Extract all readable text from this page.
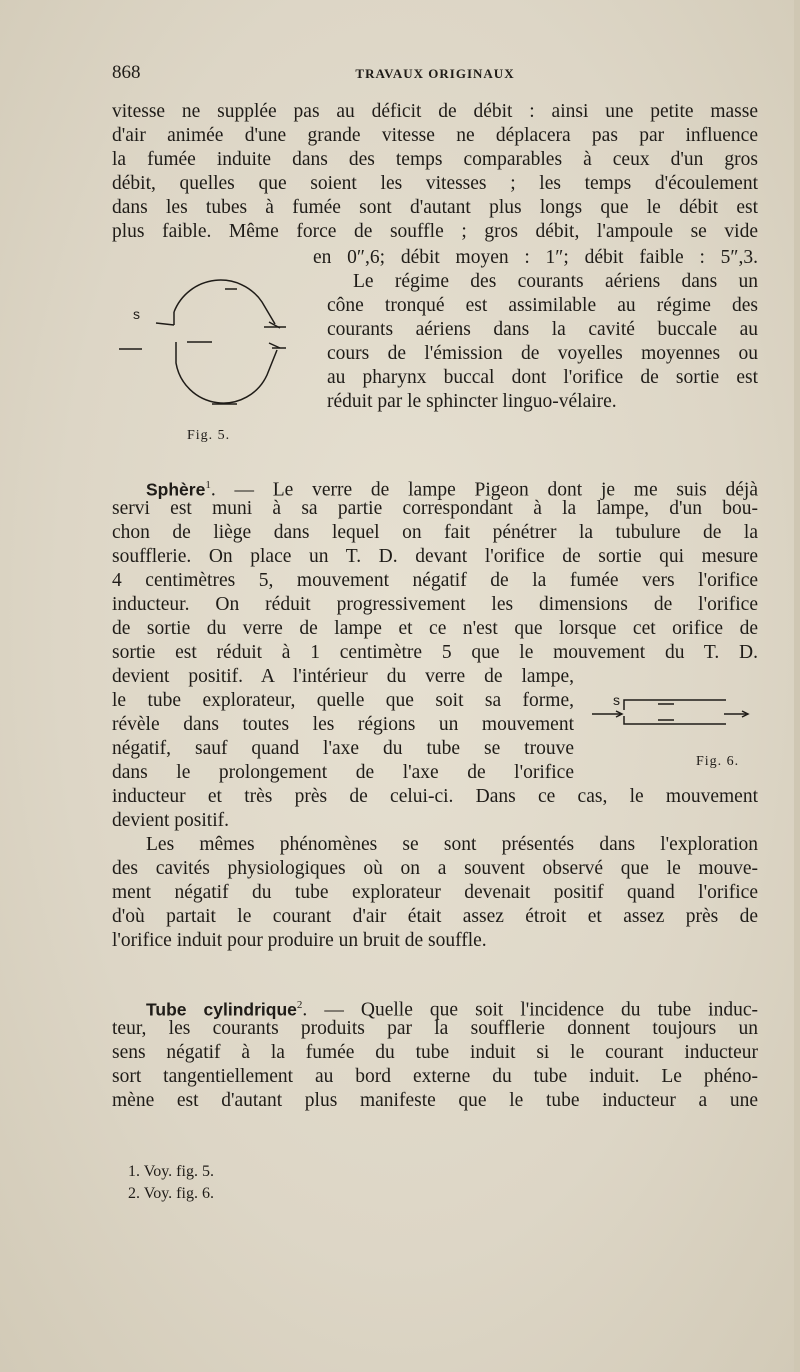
868	TRAVAUX ORIGINAUX
vitesse ne supplée pas au déficit de débit : ainsi une petite masse
d'air animée d'une grande vitesse ne déplacera pas par influence
la fumée induite dans des temps comparables à ceux d'un gros
débit, quelles que soient les vitesses ; les temps d'écoulement
dans les tubes à fumée sont d'autant plus longs que le débit est
plus faible. Même force de souffle ; gros débit, l'ampoule se vide
en 0″,6; débit moyen : 1″; débit faible : 5″,3.
Le régime des courants aériens dans un
cône tronqué est assimilable au régime des
courants aériens dans la cavité buccale au
cours de l'émission de voyelles moyennes ou
au pharynx buccal dont l'orifice de sortie est
réduit par le sphincter linguo-vélaire.
s
Fig. 5.
Sphère$^1$. — Le verre de lampe Pigeon dont je me suis déjà
servi est muni à sa partie correspondant à la lampe, d'un bou-
chon de liège dans lequel on fait pénétrer la tubulure de la
soufflerie. On place un T. D. devant l'orifice de sortie qui mesure
4 centimètres 5, mouvement négatif de la fumée vers l'orifice
inducteur. On réduit progressivement les dimensions de l'orifice
de sortie du verre de lampe et ce n'est que lorsque cet orifice de
sortie est réduit à 1 centimètre 5 que le mouvement du T. D.
devient positif. A l'intérieur du verre de lampe,
le tube explorateur, quelle que soit sa forme,
révèle dans toutes les régions un mouvement
négatif, sauf quand l'axe du tube se trouve
dans le prolongement de l'axe de l'orifice
s
Fig. 6.
inducteur et très près de celui-ci. Dans ce cas, le mouvement
devient positif.
Les mêmes phénomènes se sont présentés dans l'exploration
des cavités physiologiques où on a souvent observé que le mouve-
ment négatif du tube explorateur devenait positif quand l'orifice
d'où partait le courant d'air était assez étroit et assez près de
l'orifice induit pour produire un bruit de souffle.
Tube cylindrique$^2$. — Quelle que soit l'incidence du tube induc-
teur, les courants produits par la soufflerie donnent toujours un
sens négatif à la fumée du tube induit si le courant inducteur
sort tangentiellement au bord externe du tube induit. Le phéno-
mène est d'autant plus manifeste que le tube inducteur a une
1. Voy. fig. 5.
2. Voy. fig. 6.
